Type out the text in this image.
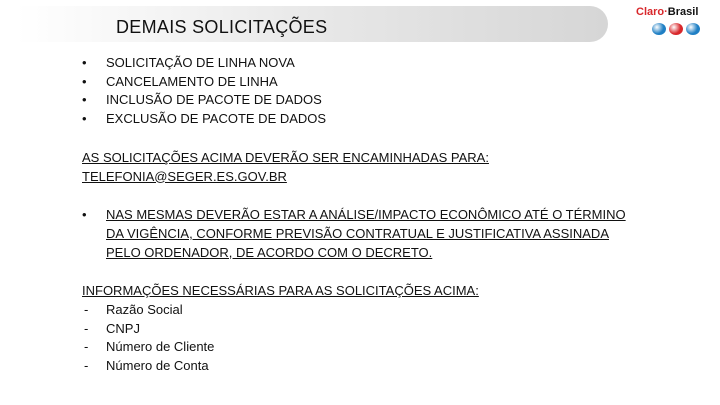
DEMAIS SOLICITAÇÕES
Claro·Brasil
• SOLICITAÇÃO DE LINHA NOVA
• CANCELAMENTO DE LINHA
• INCLUSÃO DE PACOTE DE DADOS
• EXCLUSÃO DE PACOTE DE DADOS
AS SOLICITAÇÕES ACIMA DEVERÃO SER ENCAMINHADAS PARA:
TELEFONIA@SEGER.ES.GOV.BR
• NAS MESMAS DEVERÃO ESTAR A ANÁLISE/IMPACTO ECONÔMICO ATÉ O TÉRMINO DA VIGÊNCIA, CONFORME PREVISÃO CONTRATUAL E JUSTIFICATIVA ASSINADA PELO ORDENADOR, DE ACORDO COM O DECRETO.
INFORMAÇÕES NECESSÁRIAS PARA AS SOLICITAÇÕES ACIMA:
- Razão Social
- CNPJ
- Número de Cliente
- Número de Conta
